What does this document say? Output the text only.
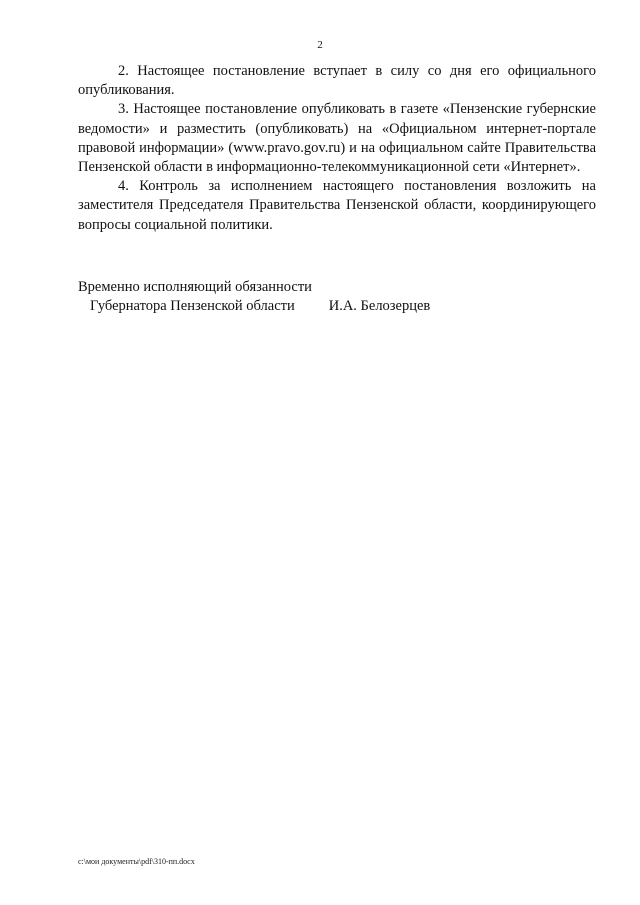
2

2. Настоящее постановление вступает в силу со дня его официального опубликования.

3. Настоящее постановление опубликовать в газете «Пензенские губернские ведомости» и разместить (опубликовать) на «Официальном интернет-портале правовой информации» (www.pravo.gov.ru) и на официальном сайте Правительства Пензенской области в информационно-телекоммуникационной сети «Интернет».

4. Контроль за исполнением настоящего постановления возложить на заместителя Председателя Правительства Пензенской области, координирующего вопросы социальной политики.

Временно исполняющий обязанности

Губернатора Пензенской области И.А. Белозерцев

c:\мои документы\pdf\310-пп.docx
